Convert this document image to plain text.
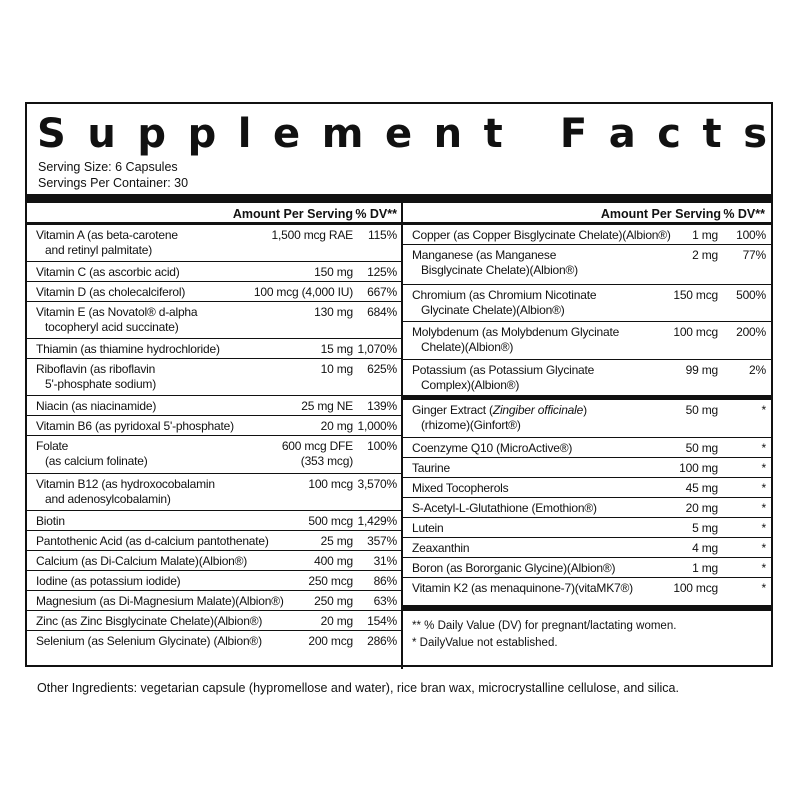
S u p p l e m e n t
F a c t s
Serving Size: 6 Capsules
Servings Per Container: 30
Amount Per Serving % DV**	Amount Per Serving % DV**
Vitamin A (as beta-carotene
and retinyl palmitate)
1,500 mcg RAE 115%
Vitamin C (as ascorbic acid)	150 mg 125%
Vitamin D (as cholecalciferol)	100 mcg (4,000 IU) 667%
Vitamin E (as Novatol® d-alpha
tocopheryl acid succinate)
130 mg 684%
Thiamin (as thiamine hydrochloride)	15 mg 1,070%
Riboflavin (as riboflavin
5'-phosphate sodium)
10 mg 625%
Niacin (as niacinamide)	25 mg NE 139%
Vitamin B6 (as pyridoxal 5'-phosphate)	20 mg 1,000%
Folate
(as calcium folinate)
600 mcg DFE
(353 mcg)
100%
Vitamin B12 (as hydroxocobalamin
and adenosylcobalamin)
100 mcg 3,570%
Biotin	500 mcg 1,429%
Pantothenic Acid (as d-calcium pantothenate)	25 mg 357%
Calcium (as Di-Calcium Malate)(Albion®)	400 mg 31%
Iodine (as potassium iodide)	250 mcg 86%
Magnesium (as Di-Magnesium Malate)(Albion®)	250 mg 63%
Zinc (as Zinc Bisglycinate Chelate)(Albion®)	20 mg 154%
Selenium (as Selenium Glycinate) (Albion®)	200 mcg 286%
Copper (as Copper Bisglycinate Chelate)(Albion®) 1 mg 100%
Manganese (as Manganese
Bisglycinate Chelate)(Albion®)
2 mg 77%
Chromium (as Chromium Nicotinate
Glycinate Chelate)(Albion®)
150 mcg 500%
Molybdenum (as Molybdenum Glycinate
Chelate)(Albion®)
100 mcg 200%
Potassium (as Potassium Glycinate
Complex)(Albion®)
99 mg	2%
Ginger Extract (Zingiber officinale)
(rhizome)(Ginfort®)
50 mg	*
Coenzyme Q10 (MicroActive®)	50 mg	*
Taurine	100 mg	*
Mixed Tocopherols	45 mg	*
S-Acetyl-L-Glutathione (Emothion®)	20 mg	*
Lutein	5 mg	*
Zeaxanthin	4 mg	*
Boron (as Bororganic Glycine)(Albion®)	1 mg	*
Vitamin K2 (as menaquinone-7)(vitaMK7®)	100 mcg	*
** % Daily Value (DV) for pregnant/lactating women.
* DailyValue not established.
Other Ingredients: vegetarian capsule (hypromellose and water), rice bran wax, microcrystalline cellulose, and silica.
